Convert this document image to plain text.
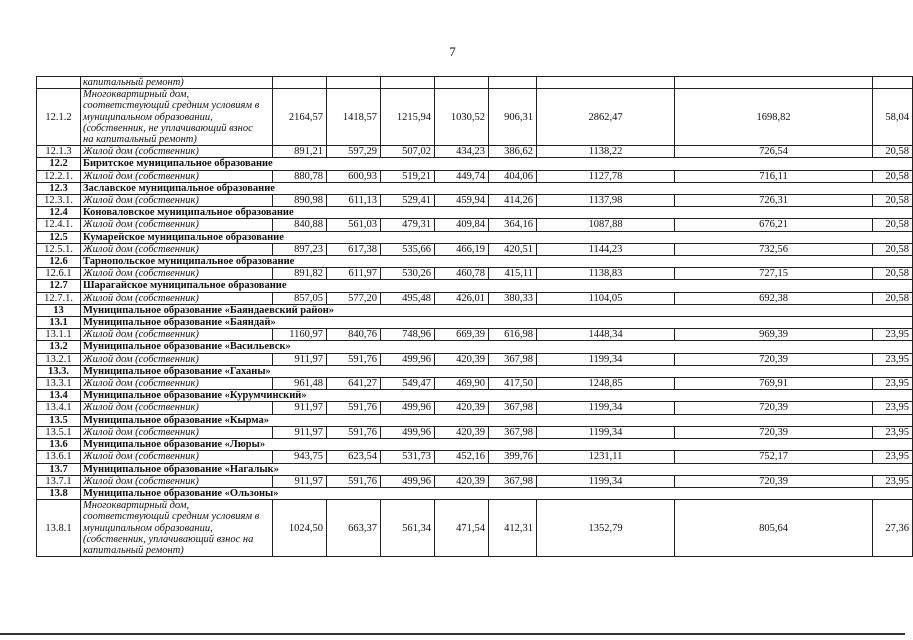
7

	капитальный ремонт)								

12.1.2	Многоквартирный дом,
соответствующий средним условиям в
муниципальном образовании,
(собственник, не уплачивающий взнос
на капитальный ремонт)	2164,57	1418,57	1215,94	1030,52	906,31	2862,47	1698,82	58,04
12.1.3	Жилой дом (собственник)	891,21	597,29	507,02	434,23	386,62	1138,22	726,54	20,58
12.2	Биритское муниципальное образование								
12.2.1.	Жилой дом (собственник)	880,78	600,93	519,21	449,74	404,06	1127,78	716,11	20,58
12.3	Заславское муниципальное образование								
12.3.1.	Жилой дом (собственник)	890,98	611,13	529,41	459,94	414,26	1137,98	726,31	20,58
12.4	Коноваловское муниципальное образование								
12.4.1.	Жилой дом (собственник)	840,88	561,03	479,31	409,84	364,16	1087,88	676,21	20,58
12.5	Кумарейское муниципальное образование								
12.5.1.	Жилой дом (собственник)	897,23	617,38	535,66	466,19	420,51	1144,23	732,56	20,58
12.6	Тарнопольское муниципальное образование								
12.6.1	Жилой дом (собственник)	891,82	611,97	530,26	460,78	415,11	1138,83	727,15	20,58
12.7	Шарагайское муниципальное образование								
12.7.1.	Жилой дом (собственник)	857,05	577,20	495,48	426,01	380,33	1104,05	692,38	20,58
13	Муниципальное образование «Баяндаевский район»								
13.1	Муниципальное образование «Баяндай»								
13.1.1	Жилой дом (собственник)	1160,97	840,76	748,96	669,39	616,98	1448,34	969,39	23,95
13.2	Муниципальное образование «Васильевск»								
13.2.1	Жилой дом (собственник)	911,97	591,76	499,96	420,39	367,98	1199,34	720,39	23,95
13.3.	Муниципальное образование «Гаханы»								
13.3.1	Жилой дом (собственник)	961,48	641,27	549,47	469,90	417,50	1248,85	769,91	23,95
13.4	Муниципальное образование «Курумчинский»								
13.4.1	Жилой дом (собственник)	911,97	591,76	499,96	420,39	367,98	1199,34	720,39	23,95
13.5	Муниципальное образование «Кырма»								
13.5.1	Жилой дом (собственник)	911,97	591,76	499,96	420,39	367,98	1199,34	720,39	23,95
13.6	Муниципальное образование «Люры»								
13.6.1	Жилой дом (собственник)	943,75	623,54	531,73	452,16	399,76	1231,11	752,17	23,95
13.7	Муниципальное образование «Нагалык»								
13.7.1	Жилой дом (собственник)	911,97	591,76	499,96	420,39	367,98	1199,34	720,39	23,95
13.8	Муниципальное образование «Ользоны»								
13.8.1	Многоквартирный дом,
соответствующий средним условиям в
муниципальном образовании,
(собственник, уплачивающий взнос на
капитальный ремонт)	1024,50	663,37	561,34	471,54	412,31	1352,79	805,64	27,36
